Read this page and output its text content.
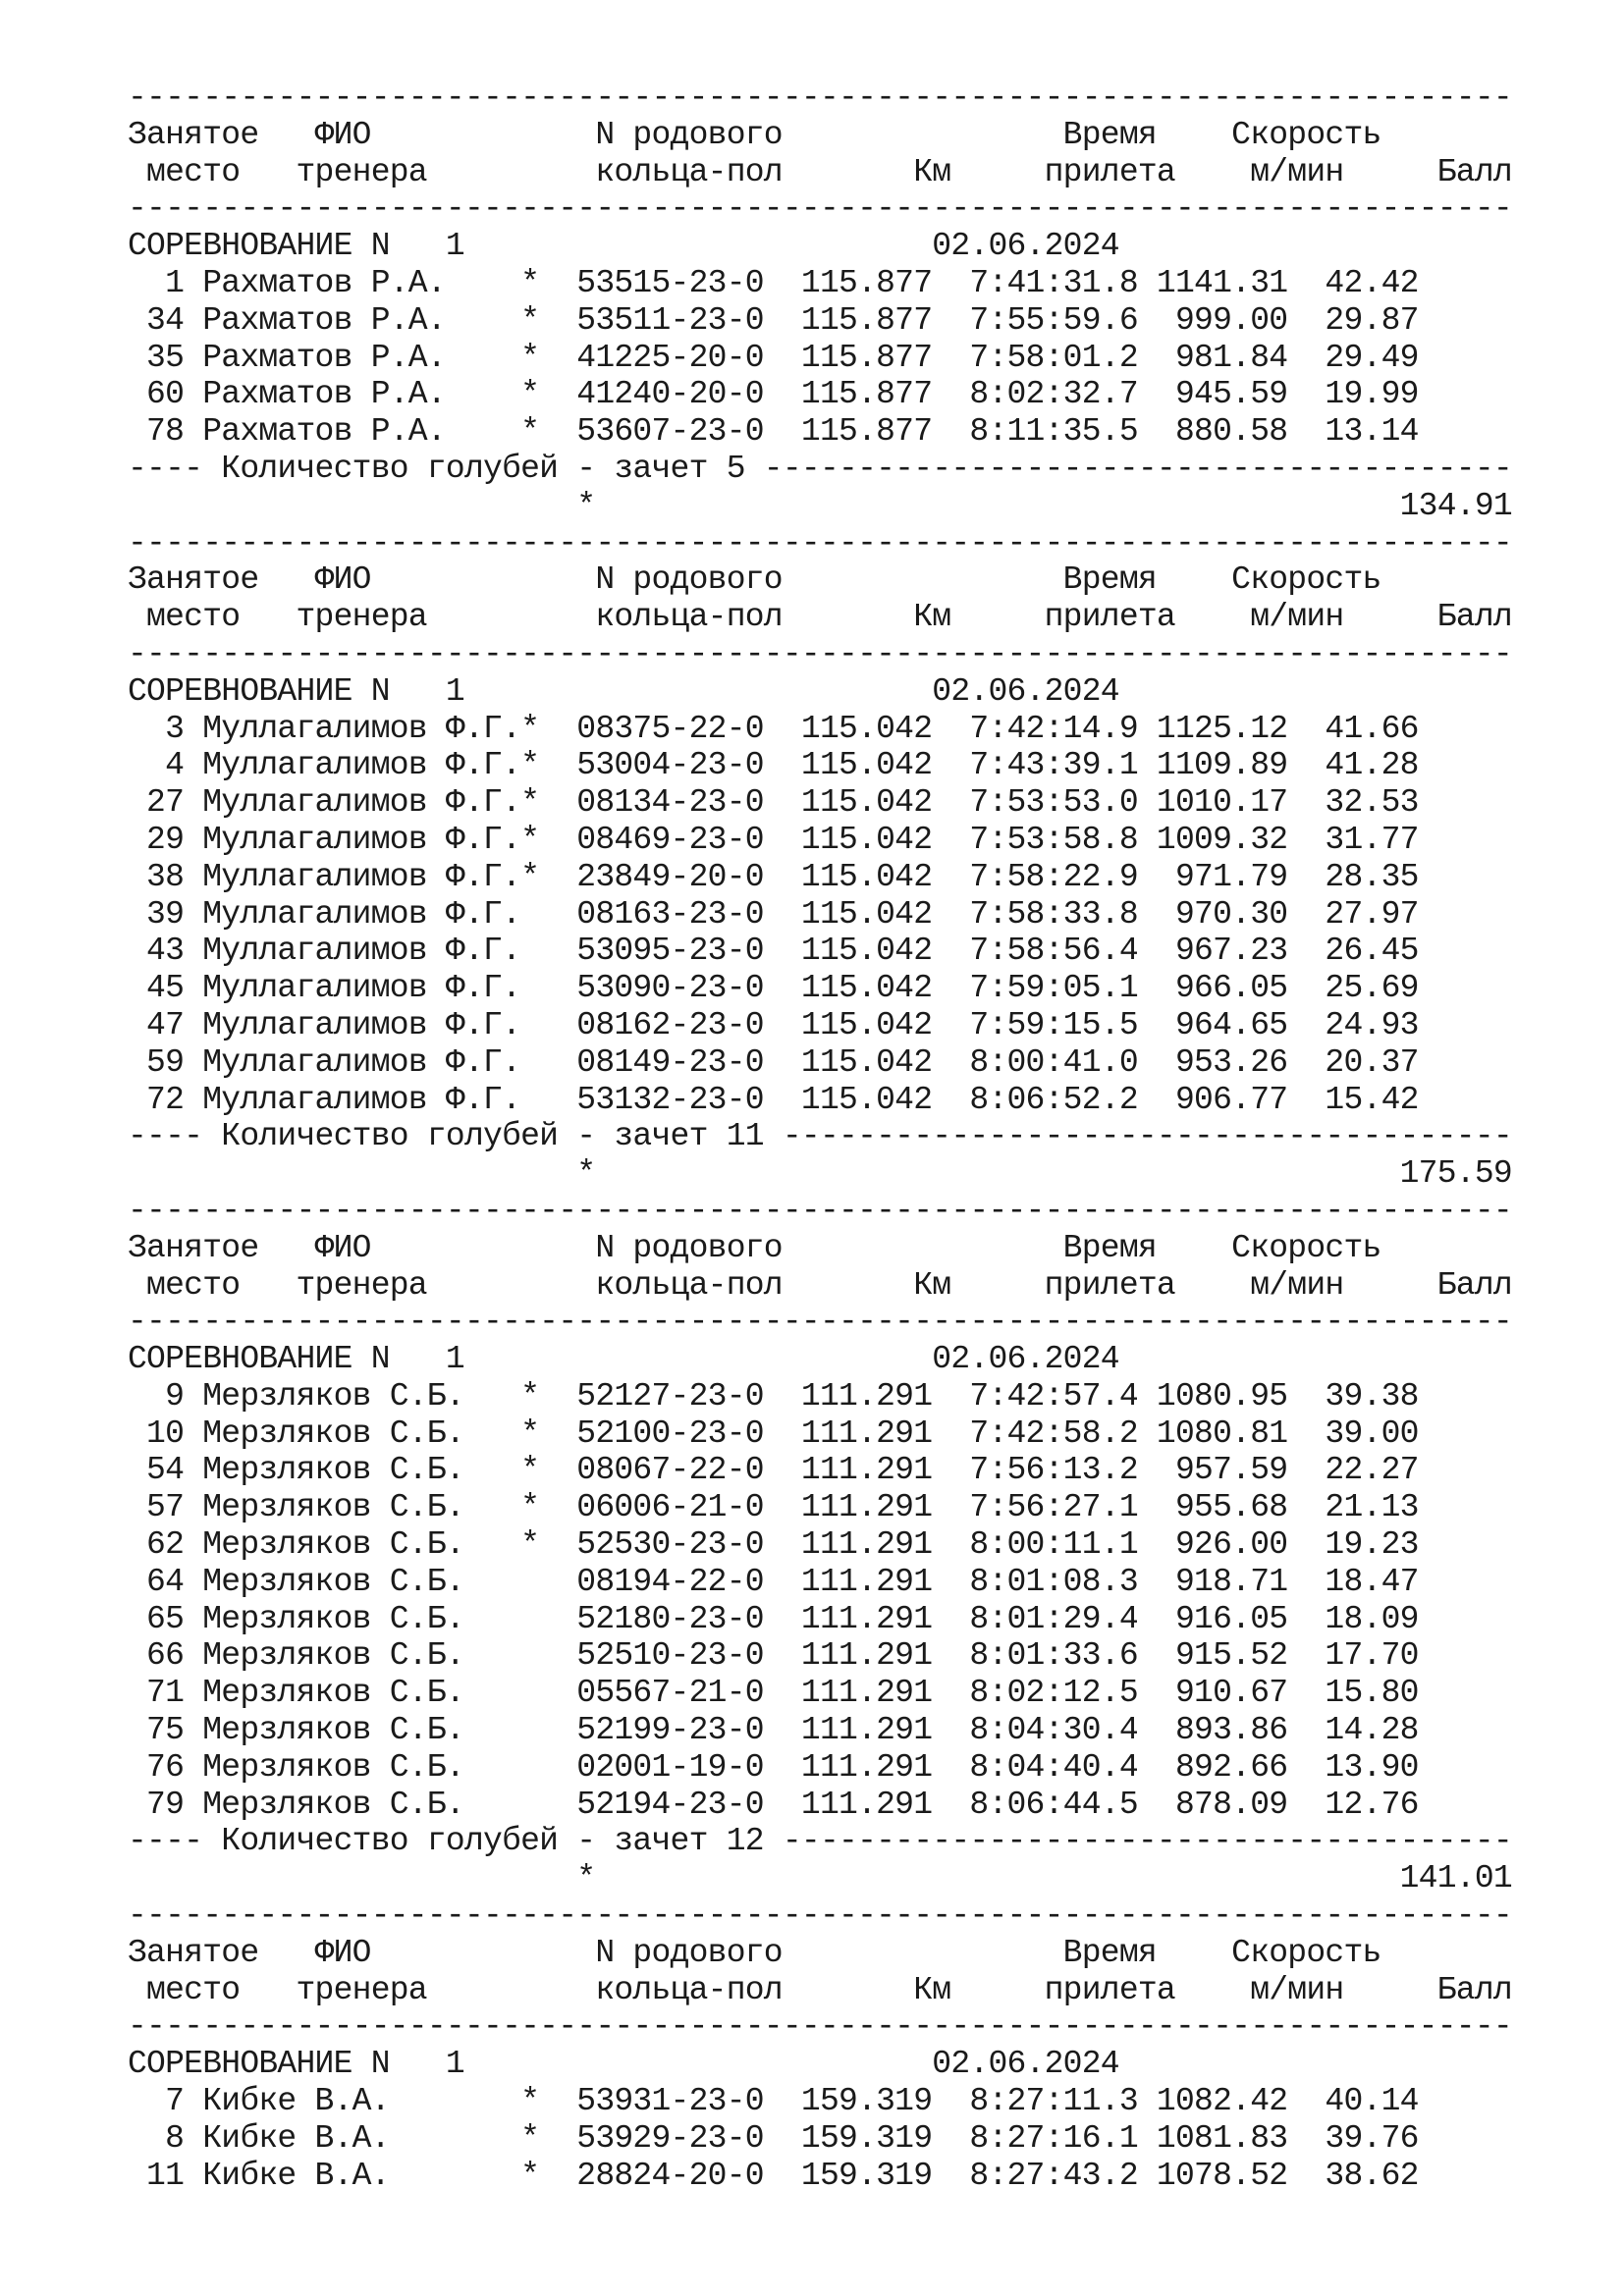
--------------------------------------------------------------------------
Занятое   ФИО            N родового               Время    Скорость
место   тренера         кольца-пол       Км     прилета    м/мин     Балл
--------------------------------------------------------------------------
СОРЕВНОВАНИЕ N   1                         02.06.2024
1 Рахматов Р.А.    *  53515-23-0  115.877  7:41:31.8 1141.31  42.42
34 Рахматов Р.А.    *  53511-23-0  115.877  7:55:59.6  999.00  29.87
35 Рахматов Р.А.    *  41225-20-0  115.877  7:58:01.2  981.84  29.49
60 Рахматов Р.А.    *  41240-20-0  115.877  8:02:32.7  945.59  19.99
78 Рахматов Р.А.    *  53607-23-0  115.877  8:11:35.5  880.58  13.14
---- Количество голубей - зачет 5 ----------------------------------------
*                                           134.91
--------------------------------------------------------------------------
Занятое   ФИО            N родового               Время    Скорость
место   тренера         кольца-пол       Км     прилета    м/мин     Балл
--------------------------------------------------------------------------
СОРЕВНОВАНИЕ N   1                         02.06.2024
3 Муллагалимов Ф.Г.*  08375-22-0  115.042  7:42:14.9 1125.12  41.66
4 Муллагалимов Ф.Г.*  53004-23-0  115.042  7:43:39.1 1109.89  41.28
27 Муллагалимов Ф.Г.*  08134-23-0  115.042  7:53:53.0 1010.17  32.53
29 Муллагалимов Ф.Г.*  08469-23-0  115.042  7:53:58.8 1009.32  31.77
38 Муллагалимов Ф.Г.*  23849-20-0  115.042  7:58:22.9  971.79  28.35
39 Муллагалимов Ф.Г.   08163-23-0  115.042  7:58:33.8  970.30  27.97
43 Муллагалимов Ф.Г.   53095-23-0  115.042  7:58:56.4  967.23  26.45
45 Муллагалимов Ф.Г.   53090-23-0  115.042  7:59:05.1  966.05  25.69
47 Муллагалимов Ф.Г.   08162-23-0  115.042  7:59:15.5  964.65  24.93
59 Муллагалимов Ф.Г.   08149-23-0  115.042  8:00:41.0  953.26  20.37
72 Муллагалимов Ф.Г.   53132-23-0  115.042  8:06:52.2  906.77  15.42
---- Количество голубей - зачет 11 ---------------------------------------
*                                           175.59
--------------------------------------------------------------------------
Занятое   ФИО            N родового               Время    Скорость
место   тренера         кольца-пол       Км     прилета    м/мин     Балл
--------------------------------------------------------------------------
СОРЕВНОВАНИЕ N   1                         02.06.2024
9 Мерзляков С.Б.   *  52127-23-0  111.291  7:42:57.4 1080.95  39.38
10 Мерзляков С.Б.   *  52100-23-0  111.291  7:42:58.2 1080.81  39.00
54 Мерзляков С.Б.   *  08067-22-0  111.291  7:56:13.2  957.59  22.27
57 Мерзляков С.Б.   *  06006-21-0  111.291  7:56:27.1  955.68  21.13
62 Мерзляков С.Б.   *  52530-23-0  111.291  8:00:11.1  926.00  19.23
64 Мерзляков С.Б.      08194-22-0  111.291  8:01:08.3  918.71  18.47
65 Мерзляков С.Б.      52180-23-0  111.291  8:01:29.4  916.05  18.09
66 Мерзляков С.Б.      52510-23-0  111.291  8:01:33.6  915.52  17.70
71 Мерзляков С.Б.      05567-21-0  111.291  8:02:12.5  910.67  15.80
75 Мерзляков С.Б.      52199-23-0  111.291  8:04:30.4  893.86  14.28
76 Мерзляков С.Б.      02001-19-0  111.291  8:04:40.4  892.66  13.90
79 Мерзляков С.Б.      52194-23-0  111.291  8:06:44.5  878.09  12.76
---- Количество голубей - зачет 12 ---------------------------------------
*                                           141.01
--------------------------------------------------------------------------
Занятое   ФИО            N родового               Время    Скорость
место   тренера         кольца-пол       Км     прилета    м/мин     Балл
--------------------------------------------------------------------------
СОРЕВНОВАНИЕ N   1                         02.06.2024
7 Кибке В.А.       *  53931-23-0  159.319  8:27:11.3 1082.42  40.14
8 Кибке В.А.       *  53929-23-0  159.319  8:27:16.1 1081.83  39.76
11 Кибке В.А.       *  28824-20-0  159.319  8:27:43.2 1078.52  38.62
